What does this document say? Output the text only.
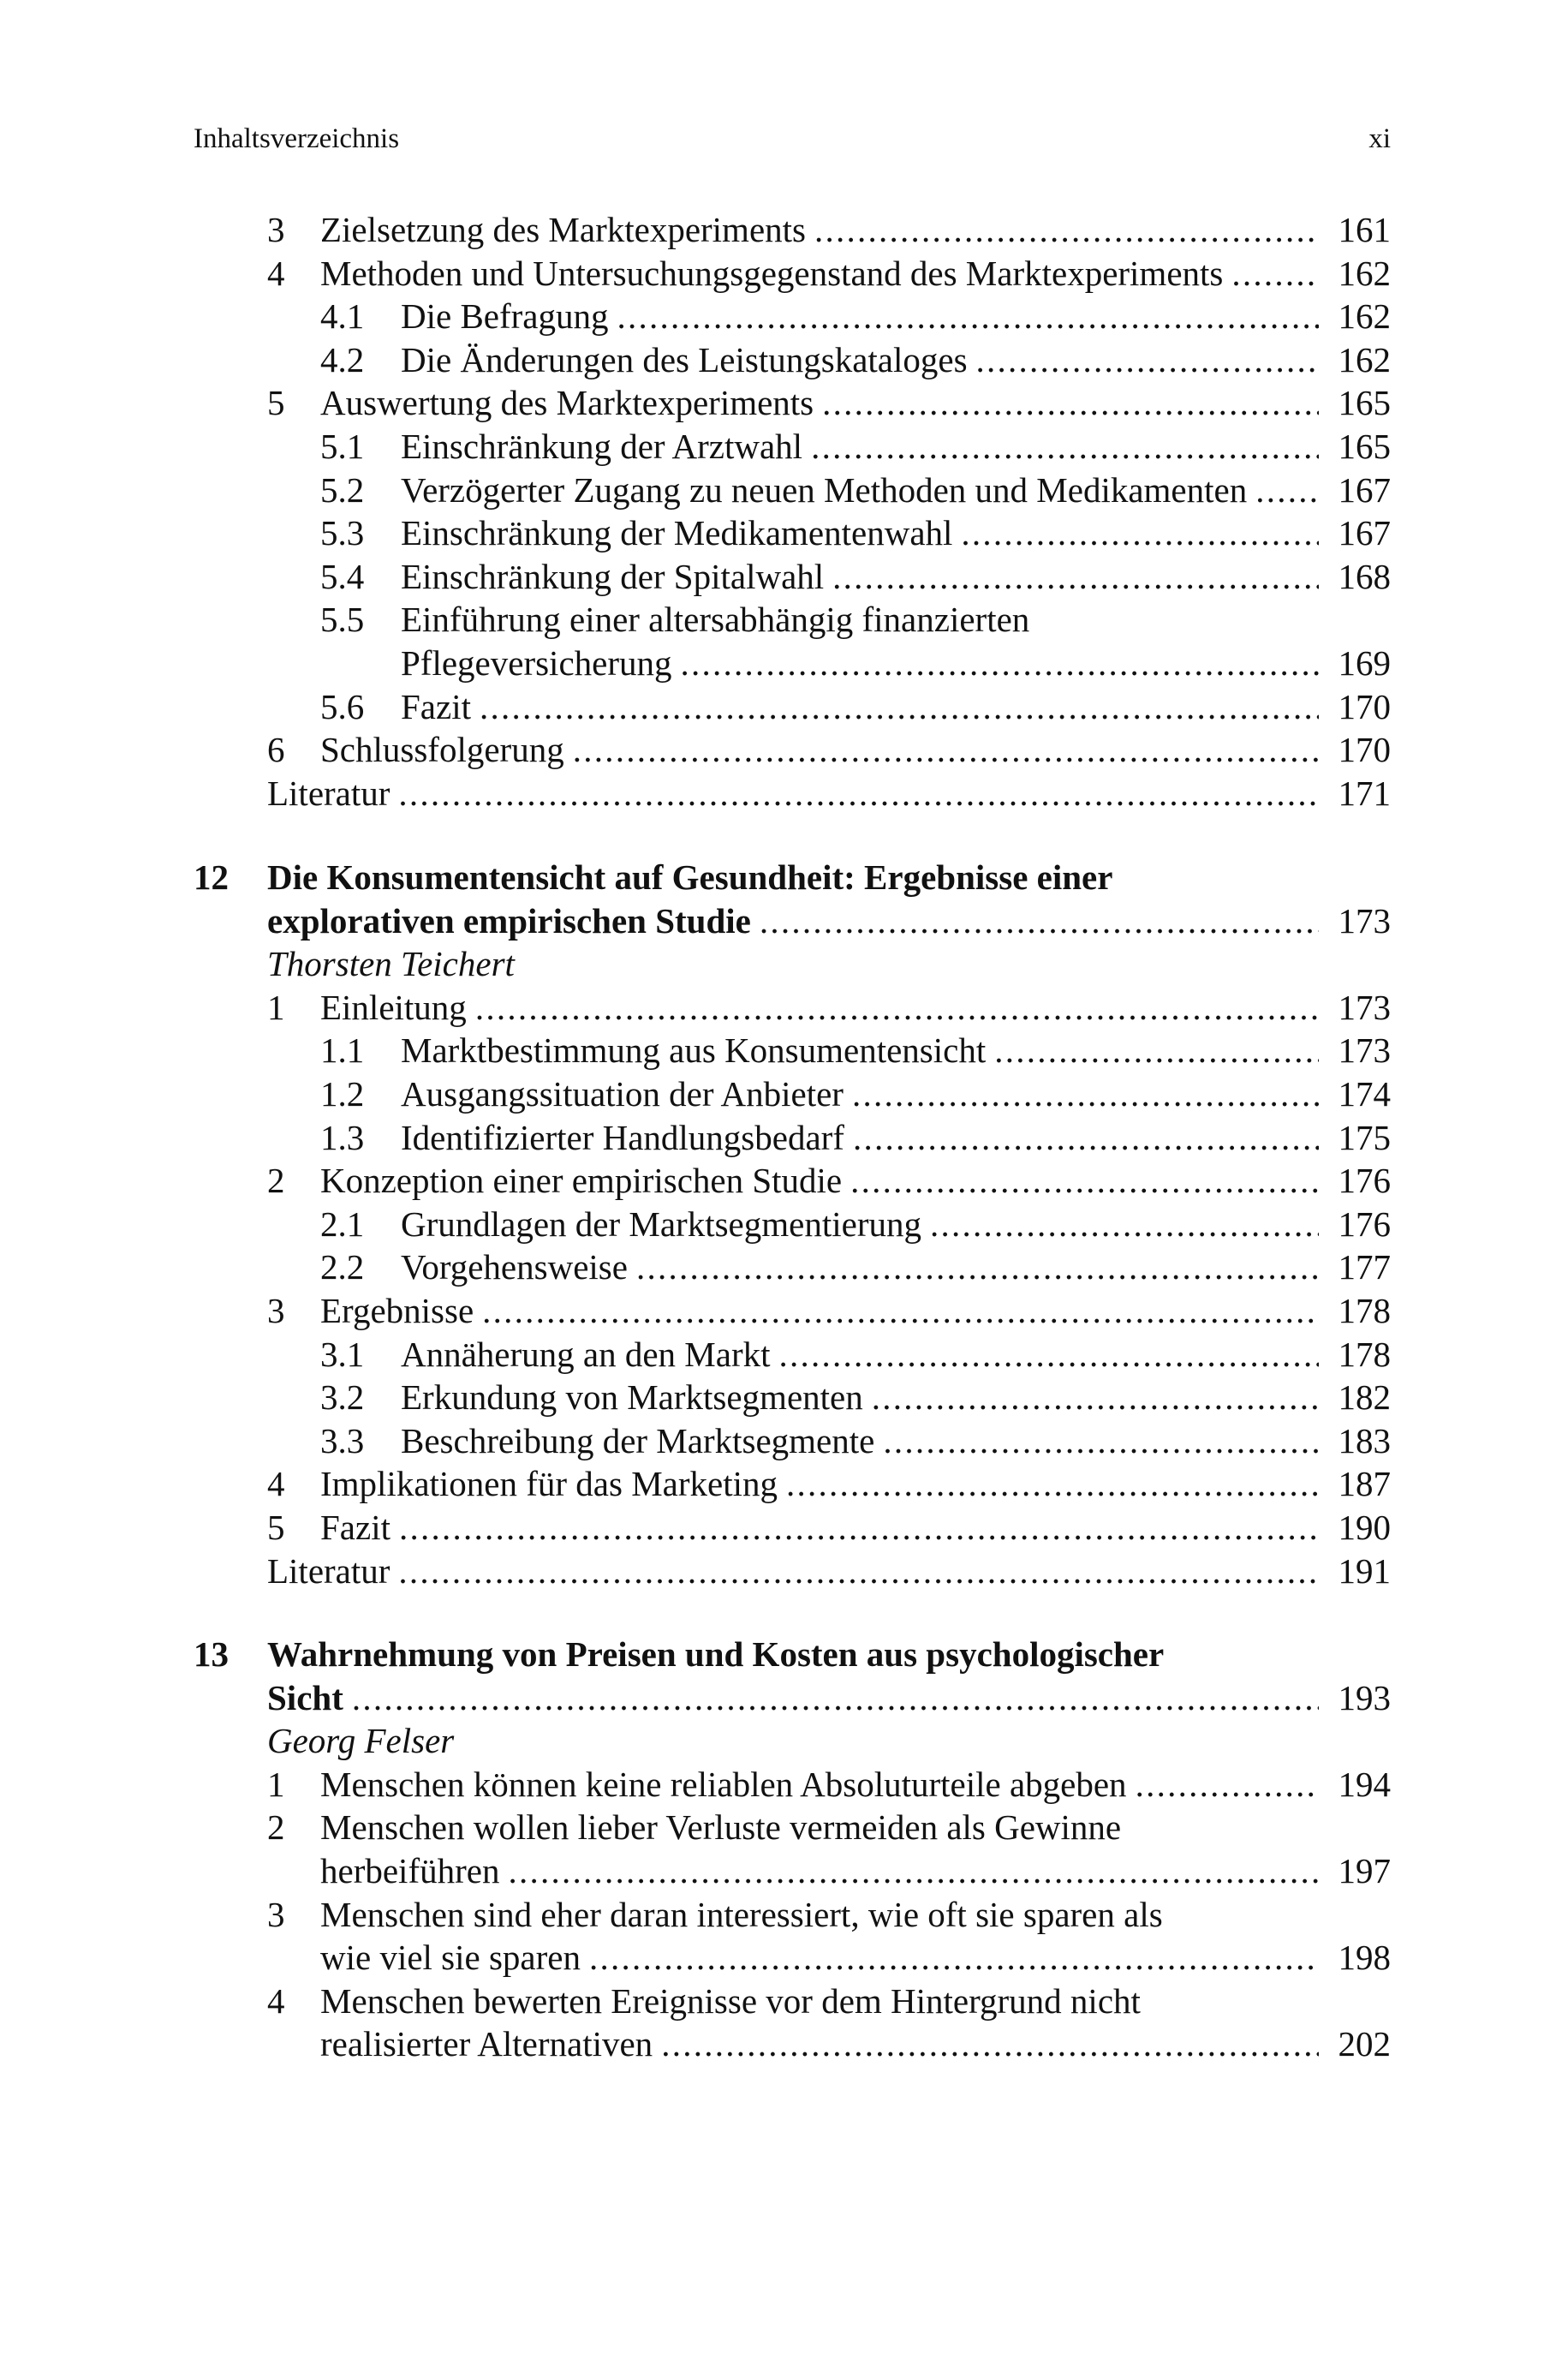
Inhaltsverzeichnis	xi
3 Zielsetzung des Marktexperiments . . .	161
4 Methoden und Untersuchungsgegenstand des Marktexperiments . . .	162
4.1 Die Befragung . . .	162
4.2 Die Änderungen des Leistungskataloges . . .	162
5 Auswertung des Marktexperiments . . .	165
5.1 Einschränkung der Arztwahl . . .	165
5.2 Verzögerter Zugang zu neuen Methoden und Medikamenten . . .	167
5.3 Einschränkung der Medikamentenwahl . . .	167
5.4 Einschränkung der Spitalwahl . . .	168
5.5 Einführung einer altersabhängig finanzierten
Pflegeversicherung . . .	169
5.6 Fazit . . .	170
6 Schlussfolgerung . . .	170
Literatur . . .	171
12 Die Konsumentensicht auf Gesundheit: Ergebnisse einer
explorativen empirischen Studie . . .	173
Thorsten Teichert
1 Einleitung . . .	173
1.1 Marktbestimmung aus Konsumentensicht . . .	173
1.2 Ausgangssituation der Anbieter . . .	174
1.3 Identifizierter Handlungsbedarf . . .	175
2 Konzeption einer empirischen Studie . . .	176
2.1 Grundlagen der Marktsegmentierung . . .	176
2.2 Vorgehensweise . . .	177
3 Ergebnisse . . .	178
3.1 Annäherung an den Markt . . .	178
3.2 Erkundung von Marktsegmenten . . .	182
3.3 Beschreibung der Marktsegmente . . .	183
4 Implikationen für das Marketing . . .	187
5 Fazit . . .	190
Literatur . . .	191
13 Wahrnehmung von Preisen und Kosten aus psychologischer
Sicht . . .	193
Georg Felser
1 Menschen können keine reliablen Absoluturteile abgeben . . .	194
2 Menschen wollen lieber Verluste vermeiden als Gewinne
herbeiführen . . .	197
3 Menschen sind eher daran interessiert, wie oft sie sparen als
wie viel sie sparen . . .	198
4 Menschen bewerten Ereignisse vor dem Hintergrund nicht
realisierter Alternativen . . .	202
